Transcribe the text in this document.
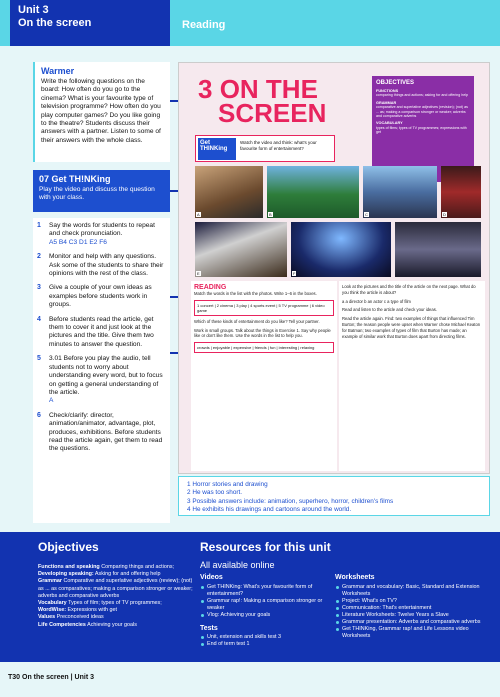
Unit 3
On the screen	Reading
Warmer

Write the following questions on the board: How often do you go to the cinema? What is your favourite type of television programme? How often do you play computer games? Do you like going to the theatre? Students discuss their answers with a partner. Listen to some of their answers with the whole class.

07 Get TH!NKing

Play the video and discuss the question with your class.

1	Say the words for students to repeat and check pronunciation.
A5 B4 C3 D1 E2 F6
2	Monitor and help with any questions. Ask some of the students to share their opinions with the rest of the class.
3	Give a couple of your own ideas as examples before students work in groups.
4	Before students read the article, get them to cover it and just look at the pictures and the title. Give them two minutes to answer the question.
5	3.01 Before you play the audio, tell students not to worry about understanding every word, but to focus on getting a general understanding of the article.
A
6	Check/clarify: director, animation/animator, advantage, plot, produces, exhibitions. Before students read the article again, get them to read the questions.
3 ON THE
SCREEN
OBJECTIVES
FUNCTIONS
comparing things and actions; asking for and offering help
GRAMMAR
comparative and superlative adjectives (revision); (not) as ... as; making a comparison stronger or weaker; adverbs and comparative adverbs
VOCABULARY
types of films; types of TV programmes; expressions with get
Get THINKing
Watch the video and think: what's your favourite form of entertainment?
A	B	C	D
E	F
READING
Match the words in the list with the photos. Write 1–6 in the boxes.
1 concert | 2 cinema | 3 play | 4 sports event | 5 TV programme | 6 video game
Which of these kinds of entertainment do you like? Tell your partner.
Work in small groups. Talk about the things in Exercise 1. Say why people like or don't like them. Use the words in the list to help you.
crowds | enjoyable | expensive | friends | fun | interesting | relaxing
Look at the pictures and the title of the article on the next page. What do you think the article is about?
a a director b an actor c a type of film
Read and listen to the article and check your ideas.
Read the article again. Find: two examples of things that influenced Tim Burton; the reason people were upset when Warner chose Michael Keaton for Batman; two examples of types of film that Burton has made; an example of similar work that Burton does apart from directing films.

1 Horror stories and drawing

2 He was too short.

3 Possible answers include: animation, superhero, horror, children's films

4 He exhibits his drawings and cartoons around the world.

Objectives
Functions and speaking Comparing things and actions;
Developing speaking: Asking for and offering help
Grammar Comparative and superlative adjectives (review); (not) as ... as comparatives; making a comparison stronger or weaker; adverbs and comparative adverbs
Vocabulary Types of film; types of TV programmes;
WordWise: Expressions with get
Values Preconceived ideas
Life Competencies Achieving your goals
Resources for this unit
All available online
Videos
Get THINKing: What's your favourite form of entertainment?
Grammar rap!: Making a comparison stronger or weaker
Vlog: Achieving your goals
Tests
Unit, extension and skills test 3
End of term test 1
Worksheets
Grammar and vocabulary: Basic, Standard and Extension Worksheets
Project: What's on TV?
Communication: That's entertainment
Literature Worksheets: Twelve Years a Slave
Grammar presentation: Adverbs and comparative adverbs
Get THINKing, Grammar rap! and Life Lessons video Worksheets
T30 On the screen | Unit 3
